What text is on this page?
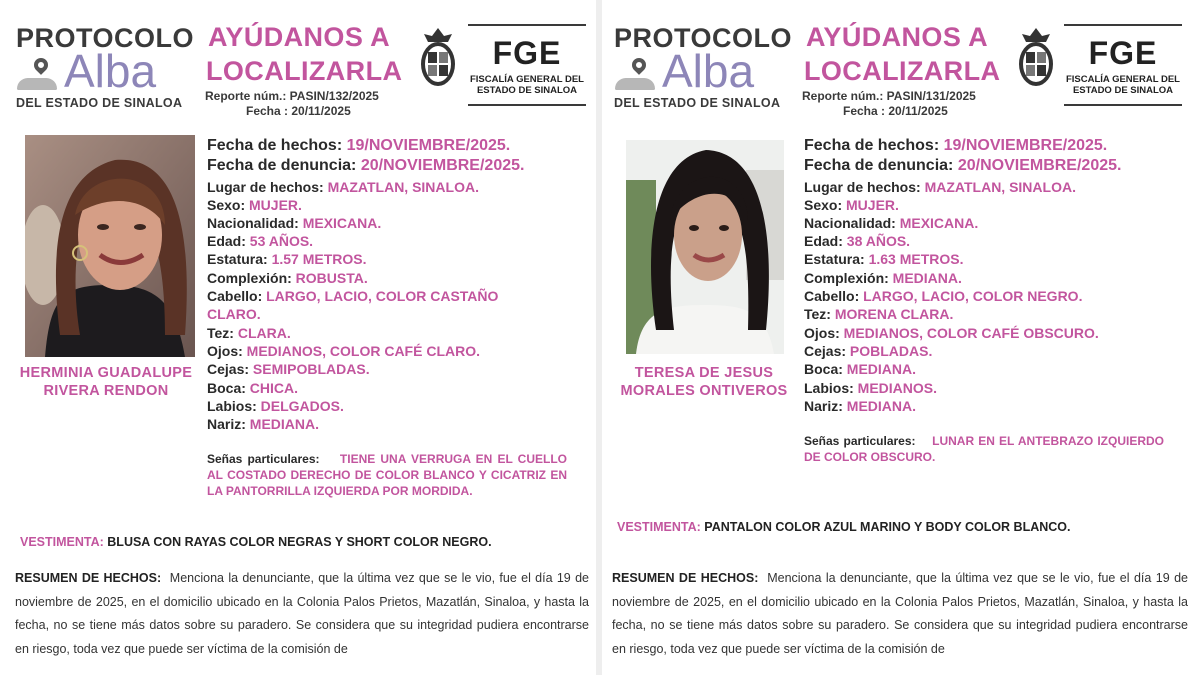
PROTOCOLO
Alba
DEL ESTADO DE SINALOA
AYÚDANOS A
LOCALIZARLA
Reporte núm.: PASIN/132/2025
Fecha : 20/11/2025
FGE
FISCALÍA GENERAL DEL
ESTADO DE SINALOA
HERMINIA GUADALUPE
RIVERA RENDON
Fecha de hechos: 19/NOVIEMBRE/2025.
Fecha de denuncia: 20/NOVIEMBRE/2025.
Lugar de hechos: MAZATLAN, SINALOA.
Sexo: MUJER.
Nacionalidad: MEXICANA.
Edad: 53 AÑOS.
Estatura: 1.57 METROS.
Complexión: ROBUSTA.
Cabello: LARGO, LACIO, COLOR CASTAÑO
CLARO.
Tez: CLARA.
Ojos: MEDIANOS, COLOR CAFÉ CLARO.
Cejas: SEMIPOBLADAS.
Boca: CHICA.
Labios: DELGADOS.
Nariz: MEDIANA.
Señas particulares: TIENE UNA VERRUGA EN EL CUELLO AL COSTADO DERECHO DE COLOR BLANCO Y CICATRIZ EN LA PANTORRILLA IZQUIERDA POR MORDIDA.
VESTIMENTA: BLUSA CON RAYAS COLOR NEGRAS Y SHORT COLOR NEGRO.
RESUMEN DE HECHOS: Menciona la denunciante, que la última vez que se le vio, fue el día 19 de noviembre de 2025, en el domicilio ubicado en la Colonia Palos Prietos, Mazatlán, Sinaloa, y hasta la fecha, no se tiene más datos sobre su paradero. Se considera que su integridad pudiera encontrarse en riesgo, toda vez que puede ser víctima de la comisión de
PROTOCOLO
Alba
DEL ESTADO DE SINALOA
AYÚDANOS A
LOCALIZARLA
Reporte núm.: PASIN/131/2025
Fecha : 20/11/2025
FGE
FISCALÍA GENERAL DEL
ESTADO DE SINALOA
TERESA DE JESUS
MORALES ONTIVEROS
Fecha de hechos: 19/NOVIEMBRE/2025.
Fecha de denuncia: 20/NOVIEMBRE/2025.
Lugar de hechos: MAZATLAN, SINALOA.
Sexo: MUJER.
Nacionalidad: MEXICANA.
Edad: 38 AÑOS.
Estatura: 1.63 METROS.
Complexión: MEDIANA.
Cabello: LARGO, LACIO, COLOR NEGRO.
Tez: MORENA CLARA.
Ojos: MEDIANOS, COLOR CAFÉ OBSCURO.
Cejas: POBLADAS.
Boca: MEDIANA.
Labios: MEDIANOS.
Nariz: MEDIANA.
Señas particulares: LUNAR EN EL ANTEBRAZO IZQUIERDO DE COLOR OBSCURO.
VESTIMENTA: PANTALON COLOR AZUL MARINO Y BODY COLOR BLANCO.
RESUMEN DE HECHOS: Menciona la denunciante, que la última vez que se le vio, fue el día 19 de noviembre de 2025, en el domicilio ubicado en la Colonia Palos Prietos, Mazatlán, Sinaloa, y hasta la fecha, no se tiene más datos sobre su paradero. Se considera que su integridad pudiera encontrarse en riesgo, toda vez que puede ser víctima de la comisión de
